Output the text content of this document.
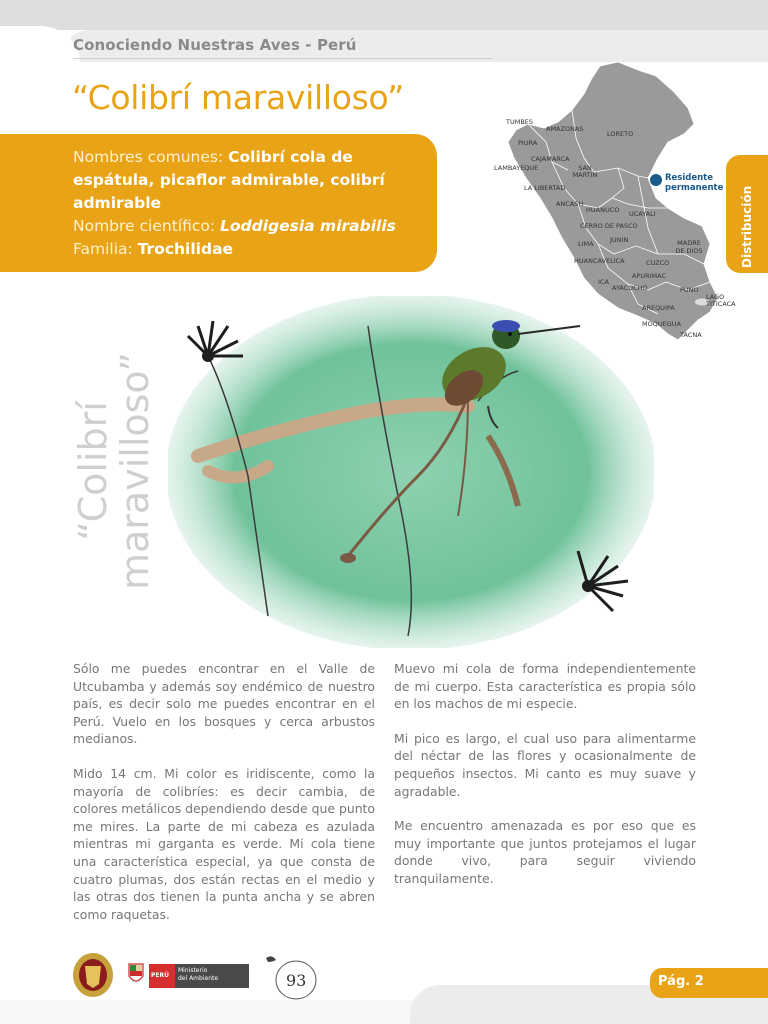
Conociendo Nuestras Aves - Perú
“Colibrí maravilloso”
Nombres comunes: Colibrí cola de espátula, picaflor admirable, colibrí admirable
Nombre científico: Loddigesia mirabilis
Familia: Trochilidae
TUMBES
AMAZONAS
LORETO
PIURA
CAJAMARCA
LAMBAYEQUE	SAN MARTIN
LA LIBERTAD
ANCASH
HUANUCO UCAYALI
CERRO DE PASCO
JUNIN
LIMA	MADRE DE DIOS
HUANCAVELICA	CUZCO
APURIMAC
ICA
AYACUCHO	PUNO
LAGO TITICACA
AREQUIPA
MOQUEGUA
TACNA
Residente permanente	Distribución
“Colibrí
maravilloso”

Sólo me puedes encontrar en el Valle de Utcubamba y además soy endémico de nuestro país, es decir solo me puedes encontrar en el Perú. Vuelo en los bosques y cerca arbustos medianos.

Mido 14 cm. Mi color es iridiscente, como la mayoría de colibríes: es decir cambia, de colores metálicos dependiendo desde que punto me mires. La parte de mi cabeza es azulada mientras mi garganta es verde. Mi cola tiene una característica especial, ya que consta de cuatro plumas, dos están rectas en el medio y las otras dos tienen la punta ancha y se abren como raquetas.

Muevo mi cola de forma independientemente de mi cuerpo. Esta característica es propia sólo en los machos de mi especie.

Mi pico es largo, el cual uso para alimentarme del néctar de las flores y ocasionalmente de pequeños insectos. Mi canto es muy suave y agradable.

Me encuentro amenazada es por eso que es muy importante que juntos protejamos el lugar donde vivo, para seguir viviendo tranquilamente.

PERÚ
Ministerio
del Ambiente	93	Pág. 2
